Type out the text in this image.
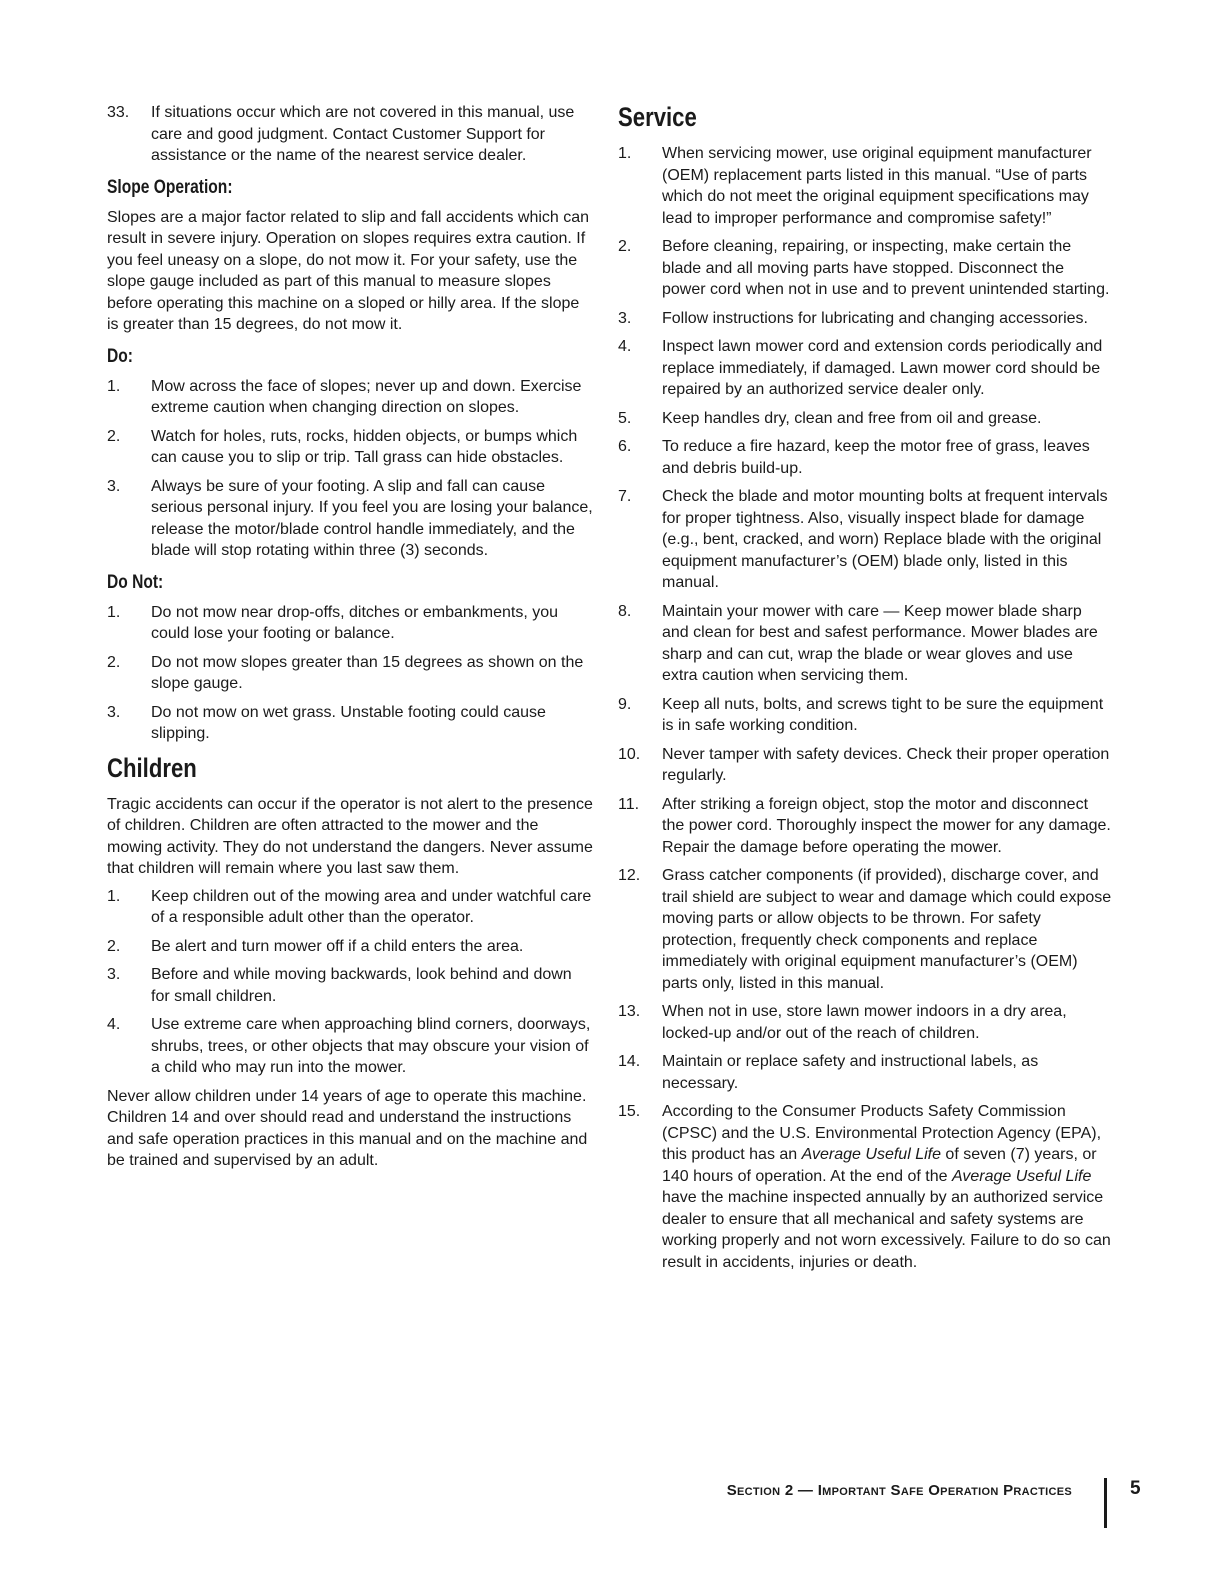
33.	If situations occur which are not covered in this manual, use care and good judgment. Contact Customer Support for assistance or the name of the nearest service dealer.

Slope Operation:

Slopes are a major factor related to slip and fall accidents which can result in severe injury. Operation on slopes requires extra caution. If you feel uneasy on a slope, do not mow it. For your safety, use the slope gauge included as part of this manual to measure slopes before operating this machine on a sloped or hilly area. If the slope is greater than 15 degrees, do not mow it.

Do:
1.	Mow across the face of slopes; never up and down. Exercise extreme caution when changing direction on slopes.
2.	Watch for holes, ruts, rocks, hidden objects, or bumps which can cause you to slip or trip. Tall grass can hide obstacles.
3.	Always be sure of your footing. A slip and fall can cause serious personal injury. If you feel you are losing your balance, release the motor/blade control handle immediately, and the blade will stop rotating within three (3) seconds.
Do Not:
1.	Do not mow near drop-offs, ditches or embankments, you could lose your footing or balance.
2.	Do not mow slopes greater than 15 degrees as shown on the slope gauge.
3.	Do not mow on wet grass. Unstable footing could cause slipping.
Children

Tragic accidents can occur if the operator is not alert to the presence of children. Children are often attracted to the mower and the mowing activity. They do not understand the dangers. Never assume that children will remain where you last saw them.

1.	Keep children out of the mowing area and under watchful care of a responsible adult other than the operator.
2.	Be alert and turn mower off if a child enters the area.
3.	Before and while moving backwards, look behind and down for small children.
4.	Use extreme care when approaching blind corners, doorways, shrubs, trees, or other objects that may obscure your vision of a child who may run into the mower.

Never allow children under 14 years of age to operate this machine. Children 14 and over should read and understand the instructions and safe operation practices in this manual and on the machine and be trained and supervised by an adult.

Service
1.	When servicing mower, use original equipment manufacturer (OEM) replacement parts listed in this manual. “Use of parts which do not meet the original equipment specifications may lead to improper performance and compromise safety!”
2.	Before cleaning, repairing, or inspecting, make certain the blade and all moving parts have stopped. Disconnect the power cord when not in use and to prevent unintended starting.
3.	Follow instructions for lubricating and changing accessories.
4.	Inspect lawn mower cord and extension cords periodically and replace immediately, if damaged. Lawn mower cord should be repaired by an authorized service dealer only.
5.	Keep handles dry, clean and free from oil and grease.
6.	To reduce a fire hazard, keep the motor free of grass, leaves and debris build-up.
7.	Check the blade and motor mounting bolts at frequent intervals for proper tightness. Also, visually inspect blade for damage (e.g., bent, cracked, and worn) Replace blade with the original equipment manufacturer’s (OEM) blade only, listed in this manual.
8.	Maintain your mower with care — Keep mower blade sharp and clean for best and safest performance. Mower blades are sharp and can cut, wrap the blade or wear gloves and use extra caution when servicing them.
9.	Keep all nuts, bolts, and screws tight to be sure the equipment is in safe working condition.
10.	Never tamper with safety devices. Check their proper operation regularly.
11.	After striking a foreign object, stop the motor and disconnect the power cord. Thoroughly inspect the mower for any damage. Repair the damage before operating the mower.
12.	Grass catcher components (if provided), discharge cover, and trail shield are subject to wear and damage which could expose moving parts or allow objects to be thrown. For safety protection, frequently check components and replace immediately with original equipment manufacturer’s (OEM) parts only, listed in this manual.
13.	When not in use, store lawn mower indoors in a dry area, locked-up and/or out of the reach of children.
14.	Maintain or replace safety and instructional labels, as necessary.
15.	According to the Consumer Products Safety Commission (CPSC) and the U.S. Environmental Protection Agency (EPA), this product has an Average Useful Life of seven (7) years, or 140 hours of operation. At the end of the Average Useful Life have the machine inspected annually by an authorized service dealer to ensure that all mechanical and safety systems are working properly and not worn excessively. Failure to do so can result in accidents, injuries or death.
Section 2 — Important Safe Operation Practices	5
